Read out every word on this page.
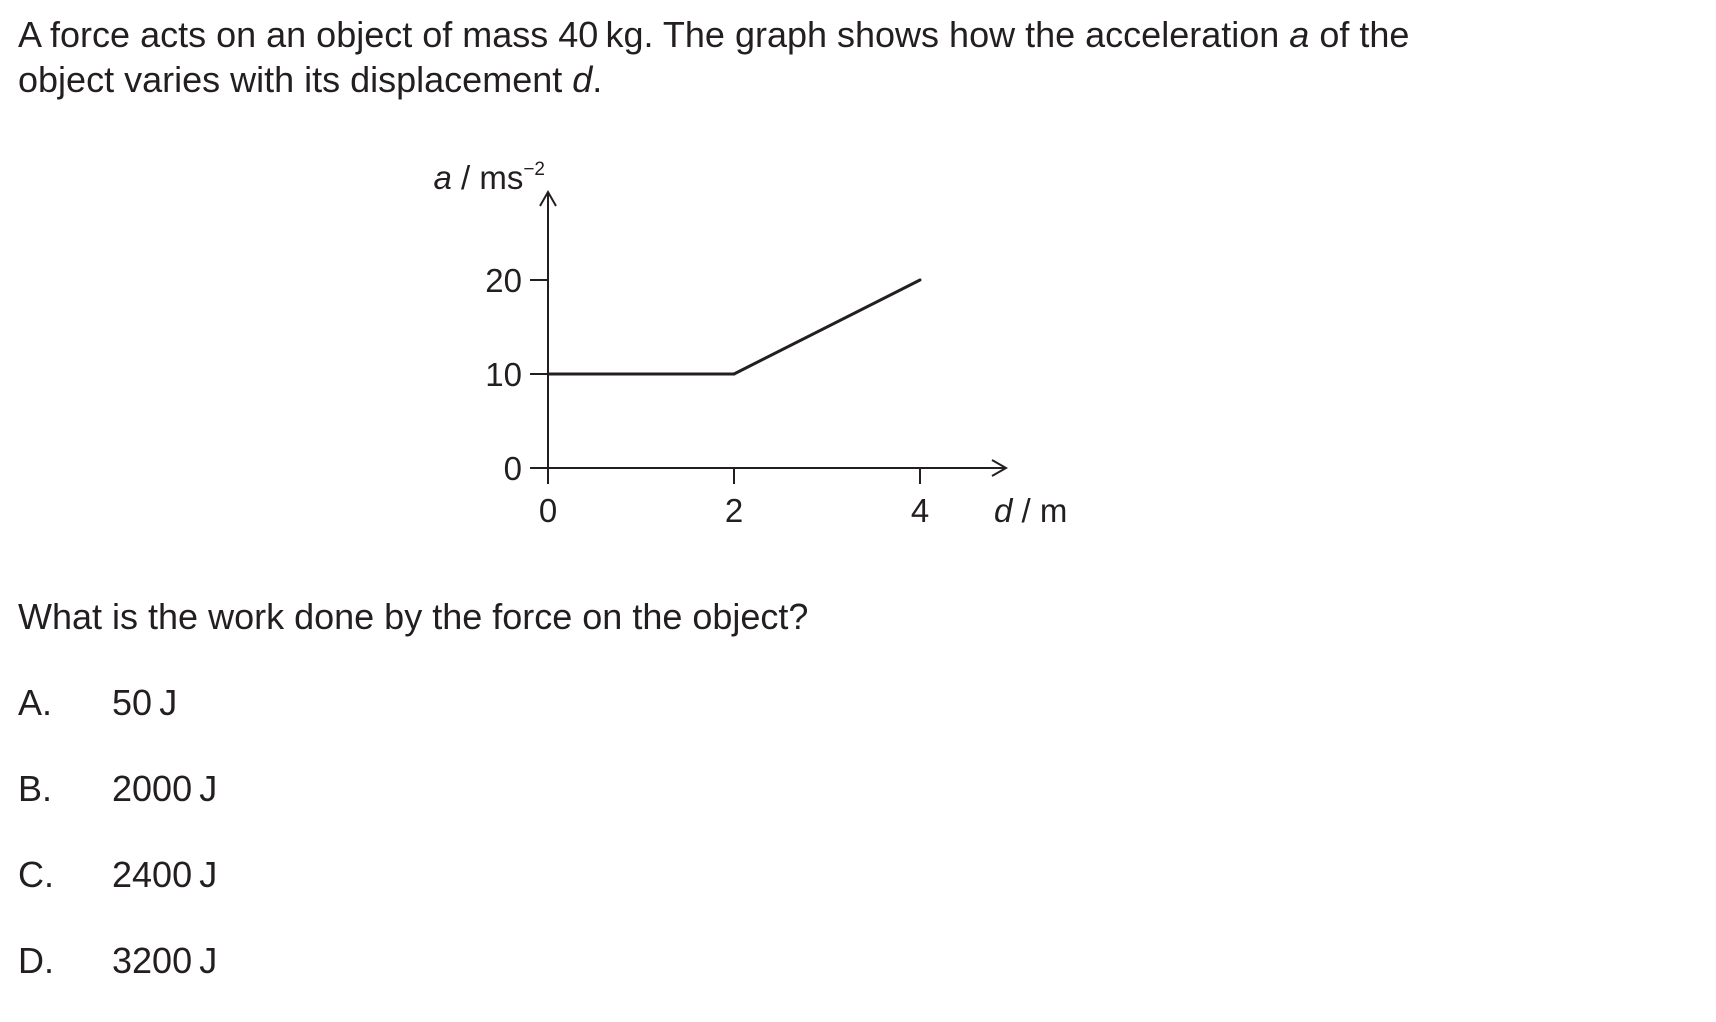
A force acts on an object of mass 40 kg. The graph shows how the acceleration a of the object varies with its displacement d.

0
10
20
0	2	4
a / $ms^{-2}$
d / m

What is the work done by the force on the object?

A. 50 J
B. 2000 J
C. 2400 J
D. 3200 J
